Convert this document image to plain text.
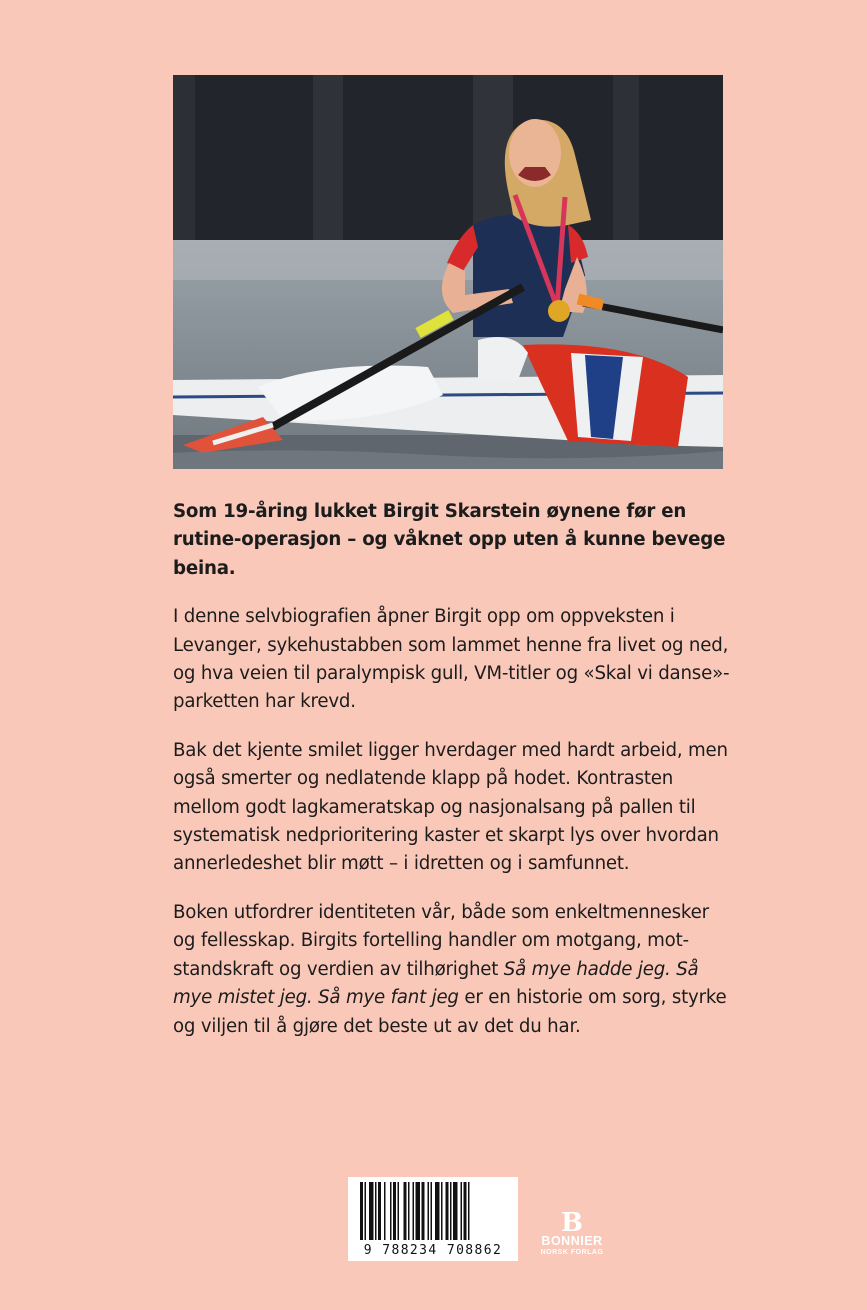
Som 19-åring lukket Birgit Skarstein øynene før en rutine-operasjon – og våknet opp uten å kunne bevege beina.

I denne selvbiografien åpner Birgit opp om oppveksten i Levanger, sykehustabben som lammet henne fra livet og ned, og hva veien til paralympisk gull, VM-titler og «Skal vi danse»-parketten har krevd.

Bak det kjente smilet ligger hverdager med hardt arbeid, men også smerter og nedlatende klapp på hodet. Kontrasten mellom godt lagkameratskap og nasjonalsang på pallen til systematisk nedprioritering kaster et skarpt lys over hvordan annerledeshet blir møtt – i idretten og i samfunnet.

Boken utfordrer identiteten vår, både som enkeltmennesker og fellesskap. Birgits fortelling handler om motgang, mot-standskraft og verdien av tilhørighet Så mye hadde jeg. Så mye mistet jeg. Så mye fant jeg er en historie om sorg, styrke og viljen til å gjøre det beste ut av det du har.

9 788234 708862
B
BONNIER
NORSK FORLAG
